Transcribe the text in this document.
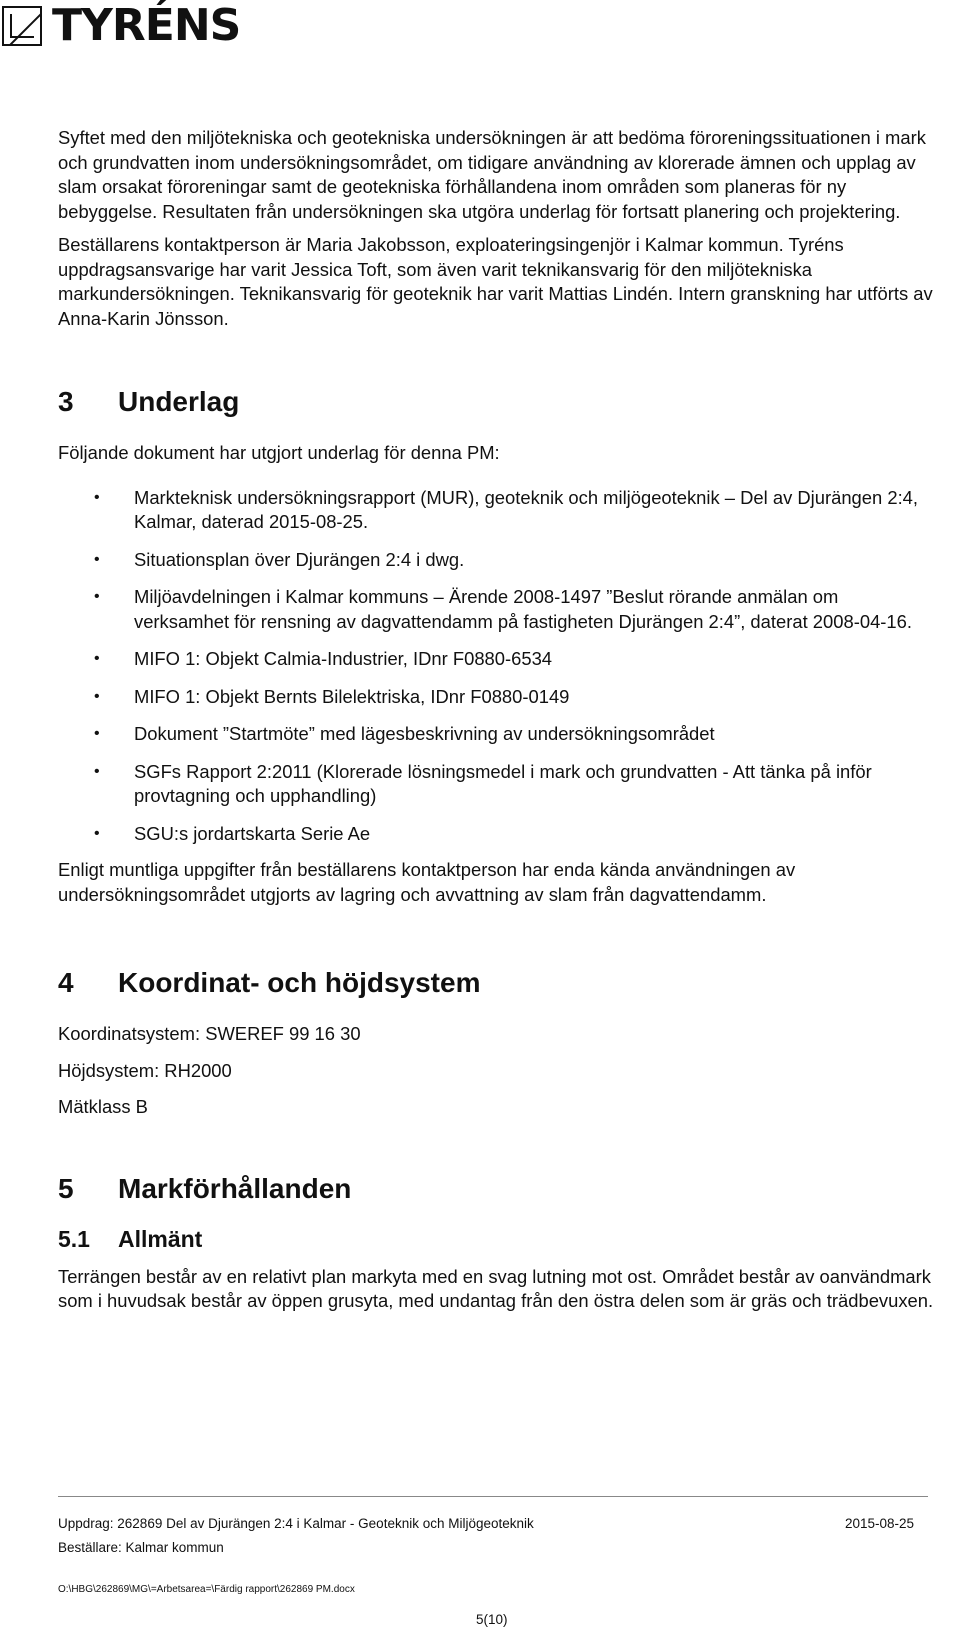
TYRÉNS

Syftet med den miljötekniska och geotekniska undersökningen är att bedöma föroreningssituationen i mark och grundvatten inom undersökningsområdet, om tidigare användning av klorerade ämnen och upplag av slam orsakat föroreningar samt de geotekniska förhållandena inom områden som planeras för ny bebyggelse. Resultaten från undersökningen ska utgöra underlag för fortsatt planering och projektering.

Beställarens kontaktperson är Maria Jakobsson, exploateringsingenjör i Kalmar kommun. Tyréns uppdragsansvarige har varit Jessica Toft, som även varit teknikansvarig för den miljötekniska markundersökningen. Teknikansvarig för geoteknik har varit Mattias Lindén. Intern granskning har utförts av Anna-Karin Jönsson.

3	Underlag

Följande dokument har utgjort underlag för denna PM:

• Markteknisk undersökningsrapport (MUR), geoteknik och miljögeoteknik – Del av Djurängen 2:4, Kalmar, daterad 2015-08-25.
• Situationsplan över Djurängen 2:4 i dwg.
• Miljöavdelningen i Kalmar kommuns – Ärende 2008-1497 ”Beslut rörande anmälan om verksamhet för rensning av dagvattendamm på fastigheten Djurängen 2:4”, daterat 2008-04-16.
• MIFO 1: Objekt Calmia-Industrier, IDnr F0880-6534
• MIFO 1: Objekt Bernts Bilelektriska, IDnr F0880-0149
• Dokument ”Startmöte” med lägesbeskrivning av undersökningsområdet
• SGFs Rapport 2:2011 (Klorerade lösningsmedel i mark och grundvatten - Att tänka på inför provtagning och upphandling)
• SGU:s jordartskarta Serie Ae

Enligt muntliga uppgifter från beställarens kontaktperson har enda kända användningen av undersökningsområdet utgjorts av lagring och avvattning av slam från dagvattendamm.

4	Koordinat- och höjdsystem

Koordinatsystem: SWEREF 99 16 30

Höjdsystem: RH2000

Mätklass B

5	Markförhållanden
5.1	Allmänt

Terrängen består av en relativt plan markyta med en svag lutning mot ost. Området består av oanvändmark som i huvudsak består av öppen grusyta, med undantag från den östra delen som är gräs och trädbevuxen.

Uppdrag: 262869 Del av Djurängen 2:4 i Kalmar - Geoteknik och Miljögeoteknik	2015-08-25
Beställare: Kalmar kommun
O:\HBG\262869\MG\=Arbetsarea=\Färdig rapport\262869 PM.docx
5(10)
